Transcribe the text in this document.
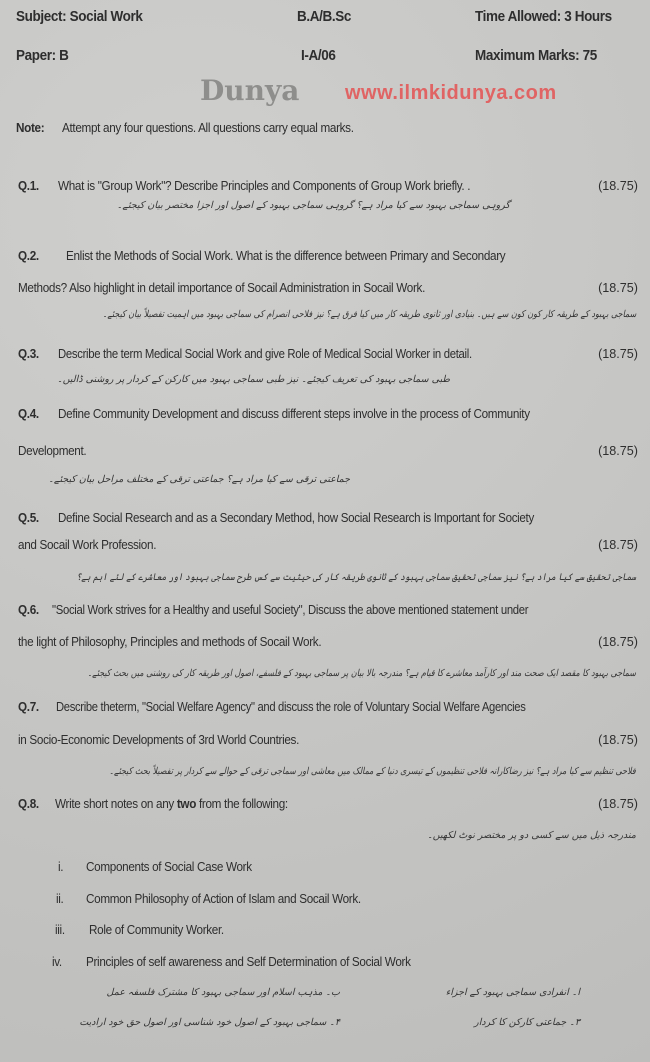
Subject: Social Work	B.A/B.Sc	Time Allowed: 3 Hours
Paper: B	I-A/06	Maximum Marks: 75
Dunya www.ilmkidunya.com
Note: Attempt any four questions. All questions carry equal marks.
Q.1. What is "Group Work"? Describe Principles and Components of Group Work briefly. .	(18.75)
گروہی سماجی بہبود سے کیا مراد ہے؟ گروہی سماجی بہبود کے اصول اور اجزا مختصر بیان کیجئے۔
Q.2. Enlist the Methods of Social Work. What is the difference between Primary and Secondary
Methods? Also highlight in detail importance of Socail Administration in Socail Work.	(18.75)
سماجی بہبود کے طریقہ کار کون کون سے ہیں۔ بنیادی اور ثانوی طریقہ کار میں کیا فرق ہے؟ نیز فلاحی انصرام کی سماجی بہبود میں اہمیت تفصیلاً بیان کیجئے۔
Q.3. Describe the term Medical Social Work and give Role of Medical Social Worker in detail.	(18.75)
طبی سماجی بہبود کی تعریف کیجئے۔ نیز طبی سماجی بہبود میں کارکن کے کردار پر روشنی ڈالیں۔
Q.4. Define Community Development and discuss different steps involve in the process of Community
Development.	(18.75)
جماعتی ترقی سے کیا مراد ہے؟ جماعتی ترقی کے مختلف مراحل بیان کیجئے۔
Q.5. Define Social Research and as a Secondary Method, how Social Research is Important for Society
and Socail Work Profession.	(18.75)
سماجی تحقیق سے کیا مراد ہے؟ نیز سماجی تحقیق سماجی بہبود کے ثانوی طریقہ کار کی حیثیت سے کس طرح سماجی بہبود اور معاشرے کے لئے اہم ہے؟
Q.6. "Social Work strives for a Healthy and useful Society", Discuss the above mentioned statement under
the light of Philosophy, Principles and methods of Socail Work.	(18.75)
سماجی بہبود کا مقصد ایک صحت مند اور کارآمد معاشرے کا قیام ہے؟ مندرجہ بالا بیان پر سماجی بہبود کے فلسفے، اصول اور طریقہ کار کی روشنی میں بحث کیجئے۔
Q.7. Describe theterm, "Social Welfare Agency" and discuss the role of Voluntary Social Welfare Agencies
in Socio-Economic Developments of 3rd World Countries.	(18.75)
فلاحی تنظیم سے کیا مراد ہے؟ نیز رضاکارانہ فلاحی تنظیموں کے تیسری دنیا کے ممالک میں معاشی اور سماجی ترقی کے حوالے سے کردار پر تفصیلاً بحث کیجئے۔
Q.8. Write short notes on any two from the following:	(18.75)
مندرجہ ذیل میں سے کسی دو پر مختصر نوٹ لکھیں۔
i. Components of Social Case Work
ii. Common Philosophy of Action of Islam and Socail Work.
iii. Role of Community Worker.
iv. Principles of self awareness and Self Determination of Social Work
ا۔ انفرادی سماجی بہبود کے اجزاء
ب۔ مذہب اسلام اور سماجی بہبود کا مشترک فلسفہ عمل
۳۔ جماعتی کارکن کا کردار
۴۔ سماجی بہبود کے اصول خود شناسی اور اصول حق خود ارادیت
